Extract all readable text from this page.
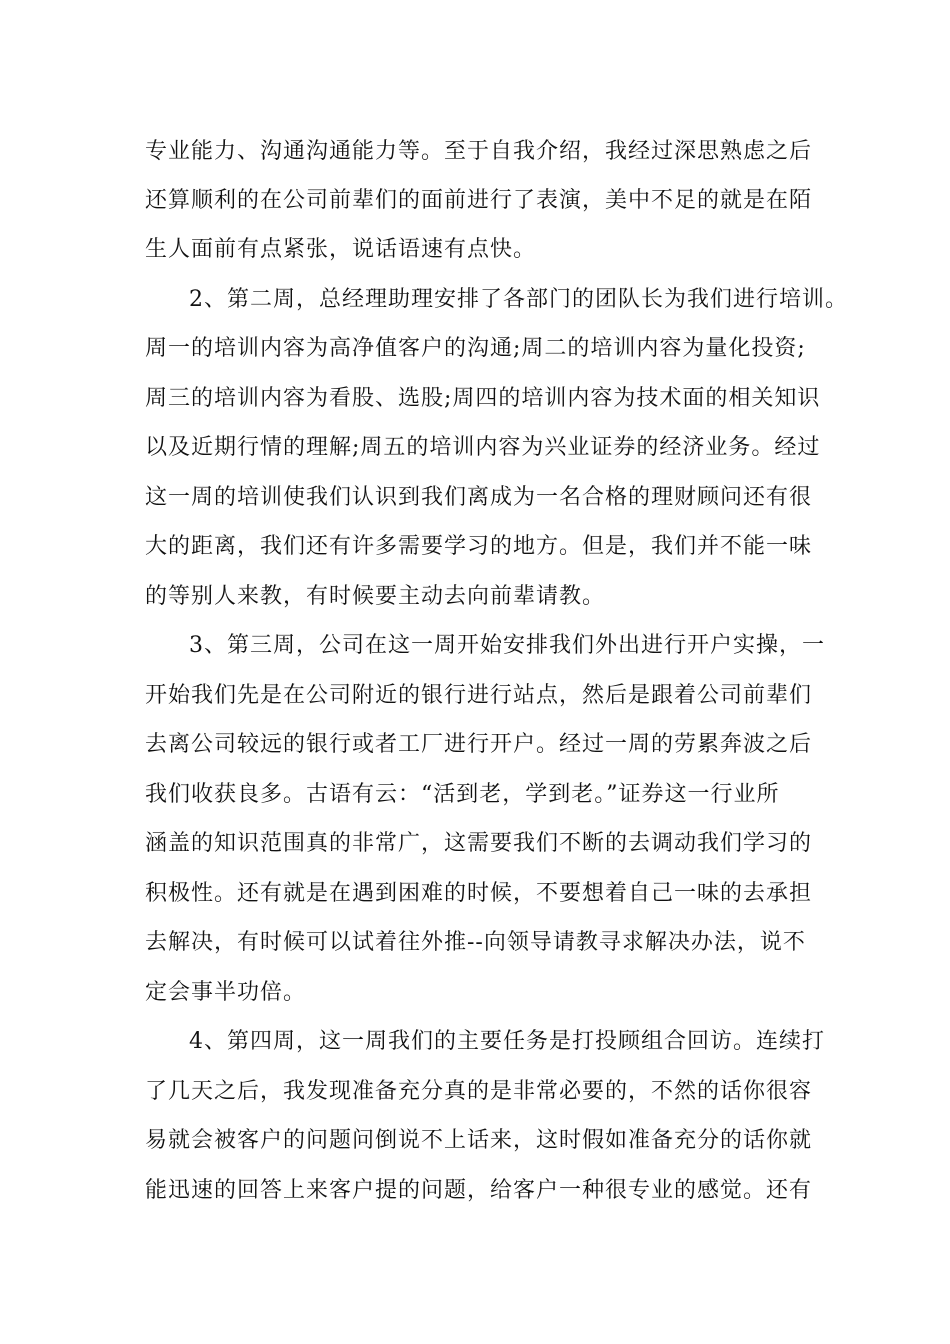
专业能力、沟通沟通能力等。至于自我介绍，我经过深思熟虑之后
还算顺利的在公司前辈们的面前进行了表演，美中不足的就是在陌
生人面前有点紧张，说话语速有点快。
2、第二周，总经理助理安排了各部门的团队长为我们进行培训。
周一的培训内容为高净值客户的沟通;周二的培训内容为量化投资;
周三的培训内容为看股、选股;周四的培训内容为技术面的相关知识
以及近期行情的理解;周五的培训内容为兴业证券的经济业务。经过
这一周的培训使我们认识到我们离成为一名合格的理财顾问还有很
大的距离，我们还有许多需要学习的地方。但是，我们并不能一味
的等别人来教，有时候要主动去向前辈请教。
3、第三周，公司在这一周开始安排我们外出进行开户实操，一
开始我们先是在公司附近的银行进行站点，然后是跟着公司前辈们
去离公司较远的银行或者工厂进行开户。经过一周的劳累奔波之后
我们收获良多。古语有云：“活到老，学到老。”证券这一行业所
涵盖的知识范围真的非常广，这需要我们不断的去调动我们学习的
积极性。还有就是在遇到困难的时候，不要想着自己一味的去承担
去解决，有时候可以试着往外推--向领导请教寻求解决办法，说不
定会事半功倍。
4、第四周，这一周我们的主要任务是打投顾组合回访。连续打
了几天之后，我发现准备充分真的是非常必要的，不然的话你很容
易就会被客户的问题问倒说不上话来，这时假如准备充分的话你就
能迅速的回答上来客户提的问题，给客户一种很专业的感觉。还有
